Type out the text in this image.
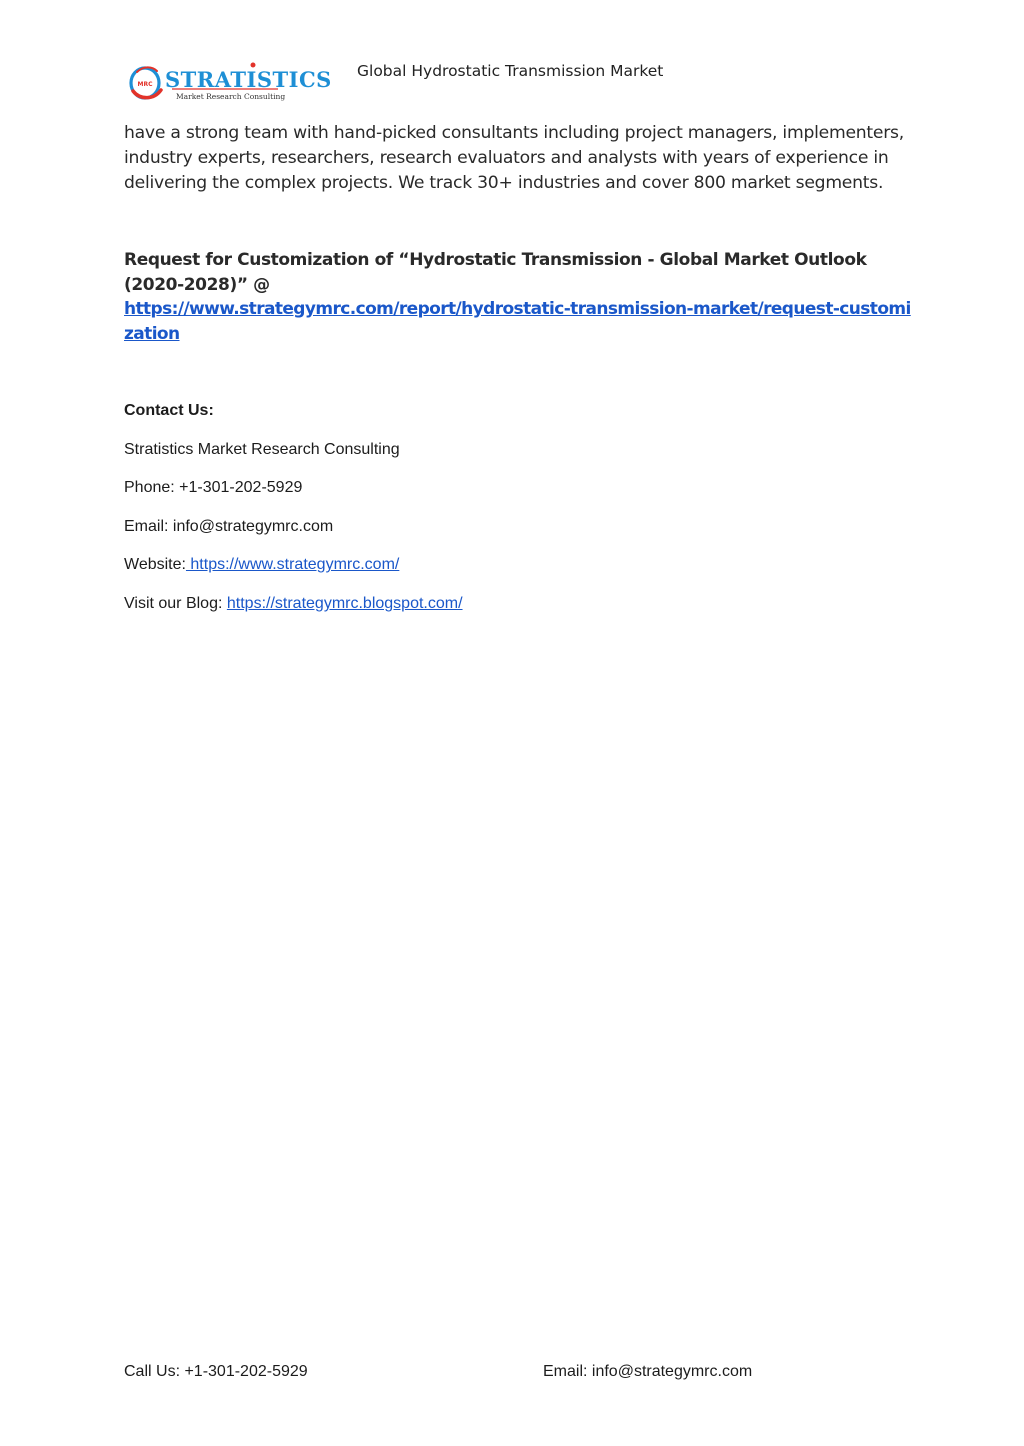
MRC STRATISTICS
Market Research Consulting
Global Hydrostatic Transmission Market

have a strong team with hand-picked consultants including project managers, implementers, industry experts, researchers, research evaluators and analysts with years of experience in delivering the complex projects. We track 30+ industries and cover 800 market segments.

Request for Customization of “Hydrostatic Transmission - Global Market Outlook (2020-2028)” @
https://www.strategymrc.com/report/hydrostatic-transmission-market/request-customization

Contact Us:
Stratistics Market Research Consulting
Phone: +1-301-202-5929
Email: info@strategymrc.com
Website: https://www.strategymrc.com/
Visit our Blog: https://strategymrc.blogspot.com/
Call Us: +1-301-202-5929	Email: info@strategymrc.com
